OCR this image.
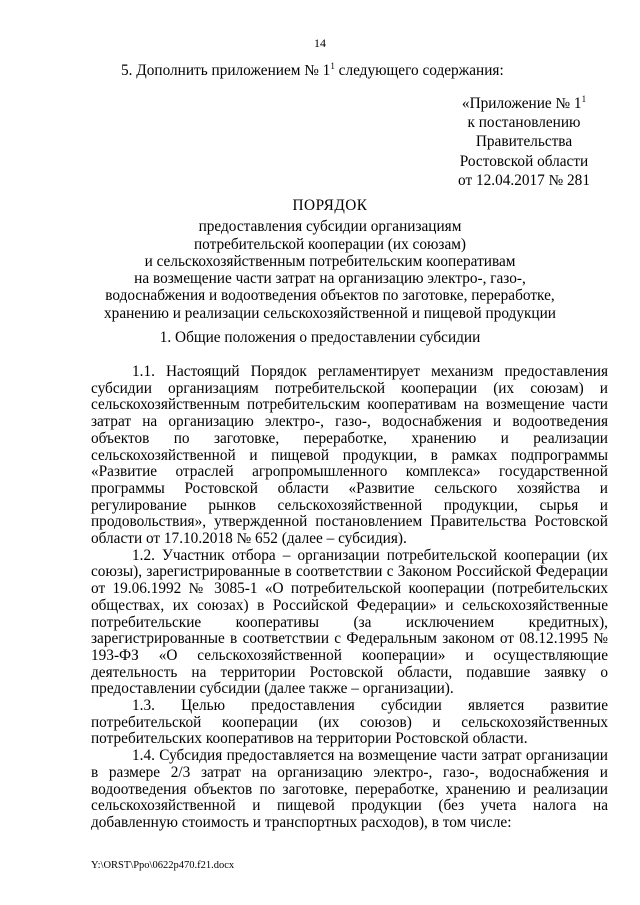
14
5. Дополнить приложением № $1^1$ следующего содержания:
«Приложение № $1^1$
к постановлению
Правительства
Ростовской области
от 12.04.2017 № 281
ПОРЯДОК
предоставления субсидии организациям
потребительской кооперации (их союзам)
и сельскохозяйственным потребительским кооперативам
на возмещение части затрат на организацию электро-, газо-,
водоснабжения и водоотведения объектов по заготовке, переработке,
хранению и реализации сельскохозяйственной и пищевой продукции
1. Общие положения о предоставлении субсидии

1.1. Настоящий Порядок регламентирует механизм предоставления субсидии организациям потребительской кооперации (их союзам) и сельскохозяйственным потребительским кооперативам на возмещение части затрат на организацию электро-, газо-, водоснабжения и водоотведения объектов по заготовке, переработке, хранению и реализации сельскохозяйственной и пищевой продукции, в рамках подпрограммы «Развитие отраслей агропромышленного комплекса» государственной программы Ростовской области «Развитие сельского хозяйства и регулирование рынков сельскохозяйственной продукции, сырья и продовольствия», утвержденной постановлением Правительства Ростовской области от 17.10.2018 № 652 (далее – субсидия).

1.2. Участник отбора – организации потребительской кооперации (их союзы), зарегистрированные в соответствии с Законом Российской Федерации от 19.06.1992 № 3085-1 «О потребительской кооперации (потребительских обществах, их союзах) в Российской Федерации» и сельскохозяйственные потребительские кооперативы (за исключением кредитных), зарегистрированные в соответствии с Федеральным законом от 08.12.1995 № 193-ФЗ «О сельскохозяйственной кооперации» и осуществляющие деятельность на территории Ростовской области, подавшие заявку о предоставлении субсидии (далее также – организации).

1.3. Целью предоставления субсидии является развитие потребительской кооперации (их союзов) и сельскохозяйственных потребительских кооперативов на территории Ростовской области.

1.4. Субсидия предоставляется на возмещение части затрат организации в размере 2/3 затрат на организацию электро-, газо-, водоснабжения и водоотведения объектов по заготовке, переработке, хранению и реализации сельскохозяйственной и пищевой продукции (без учета налога на добавленную стоимость и транспортных расходов), в том числе:

Y:\ORST\Ppo\0622p470.f21.docx
